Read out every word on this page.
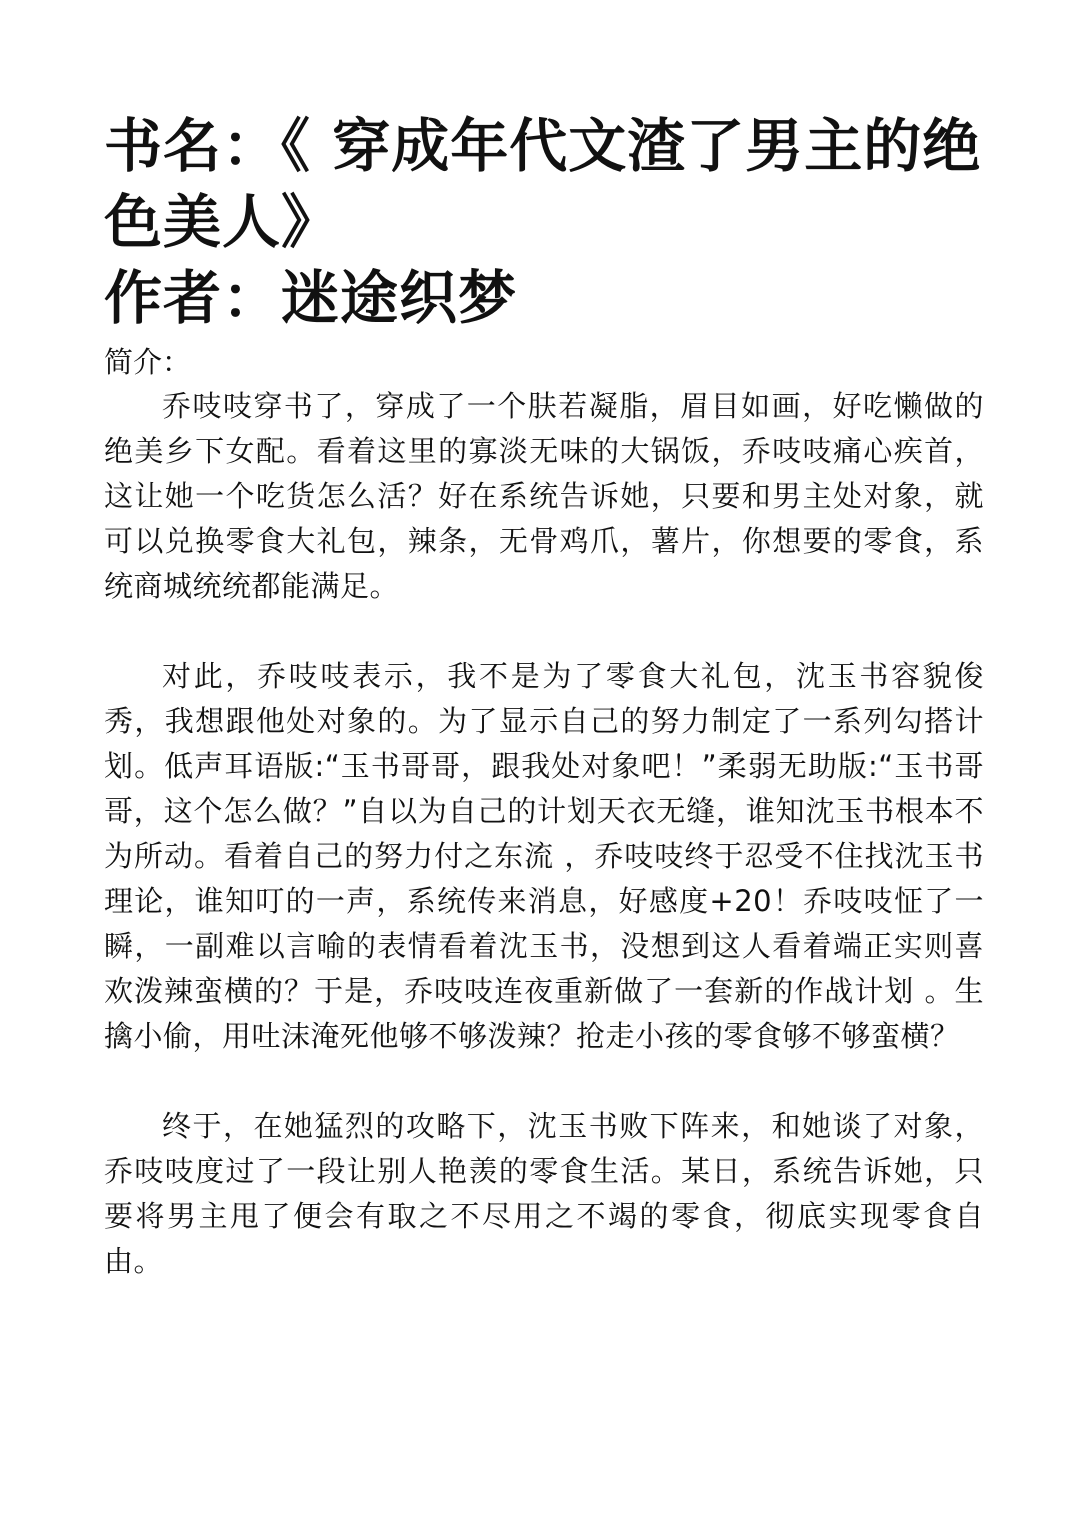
书名：《 穿成年代文渣了男主的绝色美人》
作者：迷途织梦
简介：

乔吱吱穿书了，穿成了一个肤若凝脂，眉目如画，好吃懒做的绝美乡下女配。看着这里的寡淡无味的大锅饭，乔吱吱痛心疾首，这让她一个吃货怎么活？好在系统告诉她，只要和男主处对象，就可以兑换零食大礼包，辣条，无骨鸡爪，薯片，你想要的零食，系统商城统统都能满足。

对此，乔吱吱表示，我不是为了零食大礼包，沈玉书容貌俊秀，我想跟他处对象的。为了显示自己的努力制定了一系列勾搭计划。低声耳语版:“玉书哥哥，跟我处对象吧！”柔弱无助版:“玉书哥哥，这个怎么做？”自以为自己的计划天衣无缝，谁知沈玉书根本不为所动。看着自己的努力付之东流 ，乔吱吱终于忍受不住找沈玉书理论，谁知叮的一声，系统传来消息，好感度+20！乔吱吱怔了一瞬，一副难以言喻的表情看着沈玉书，没想到这人看着端正实则喜欢泼辣蛮横的？于是，乔吱吱连夜重新做了一套新的作战计划 。生擒小偷，用吐沫淹死他够不够泼辣？抢走小孩的零食够不够蛮横？

终于，在她猛烈的攻略下，沈玉书败下阵来，和她谈了对象，乔吱吱度过了一段让别人艳羡的零食生活。某日，系统告诉她，只要将男主甩了便会有取之不尽用之不竭的零食，彻底实现零食自由。
